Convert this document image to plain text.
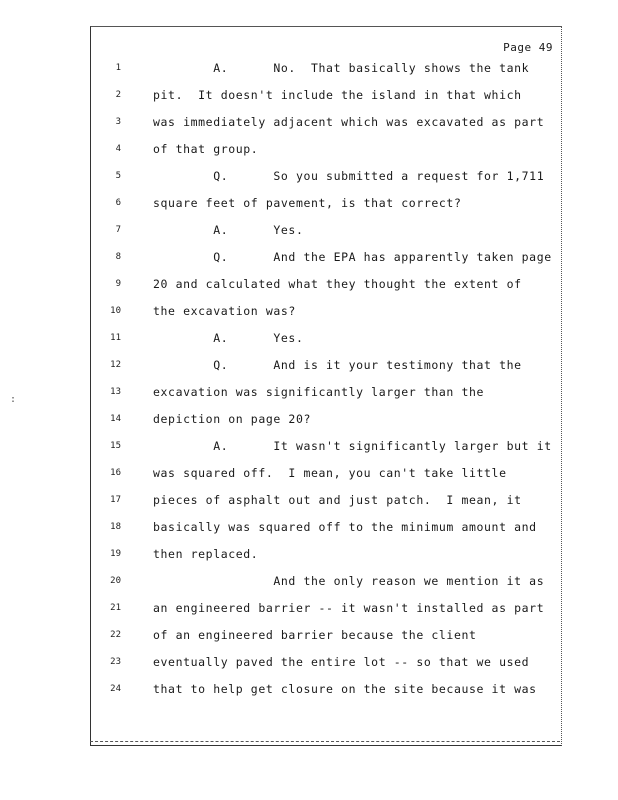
:
Page 49
1	A.      No.  That basically shows the tank
2	pit.  It doesn't include the island in that which
3	was immediately adjacent which was excavated as part
4	of that group.
5	Q.      So you submitted a request for 1,711
6	square feet of pavement, is that correct?
7	A.      Yes.
8	Q.      And the EPA has apparently taken page
9	20 and calculated what they thought the extent of
10	the excavation was?
11	A.      Yes.
12	Q.      And is it your testimony that the
13	excavation was significantly larger than the
14	depiction on page 20?
15	A.      It wasn't significantly larger but it
16	was squared off.  I mean, you can't take little
17	pieces of asphalt out and just patch.  I mean, it
18	basically was squared off to the minimum amount and
19	then replaced.
20	And the only reason we mention it as
21	an engineered barrier -- it wasn't installed as part
22	of an engineered barrier because the client
23	eventually paved the entire lot -- so that we used
24	that to help get closure on the site because it was
